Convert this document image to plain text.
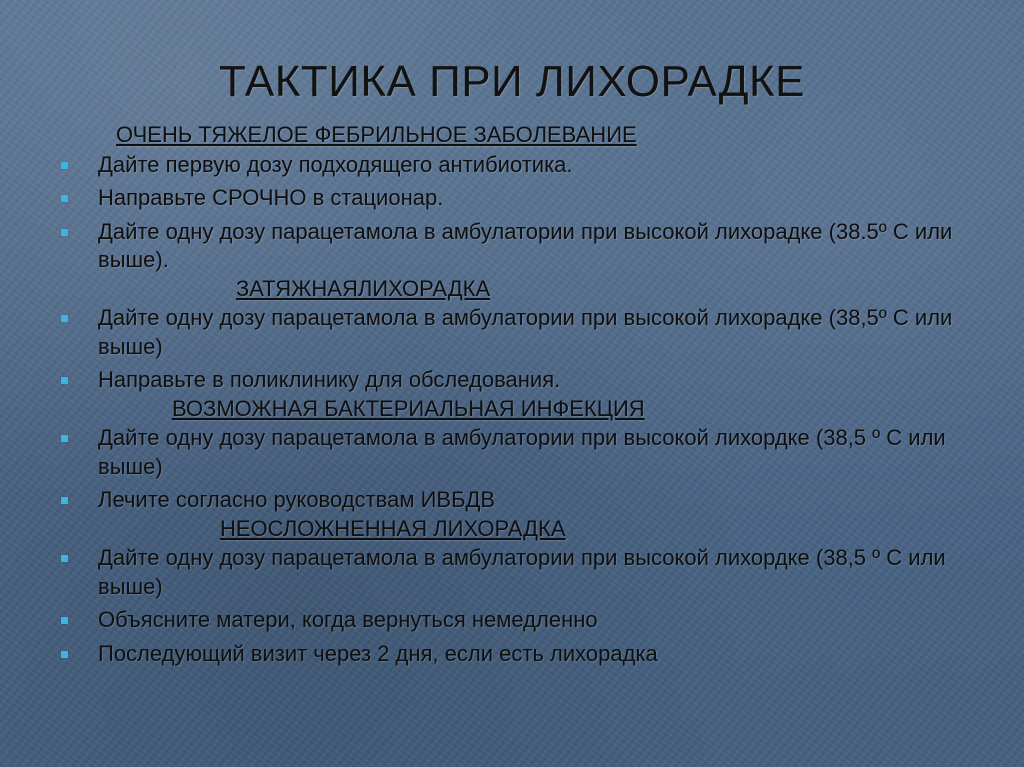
ТАКТИКА ПРИ ЛИХОРАДКЕ
ОЧЕНЬ ТЯЖЕЛОЕ ФЕБРИЛЬНОЕ ЗАБОЛЕВАНИЕ
Дайте первую дозу подходящего антибиотика.
Направьте СРОЧНО в стационар.
Дайте одну дозу парацетамола в амбулатории при высокой лихорадке (38.5º С или выше).
ЗАТЯЖНАЯЛИХОРАДКА
Дайте одну дозу парацетамола в амбулатории при высокой лихорадке (38,5º С или выше)
Направьте в поликлинику для обследования.
ВОЗМОЖНАЯ БАКТЕРИАЛЬНАЯ ИНФЕКЦИЯ
Дайте одну дозу парацетамола в амбулатории при высокой лихордке (38,5 º С или выше)
Лечите согласно руководствам ИВБДВ
НЕОСЛОЖНЕННАЯ ЛИХОРАДКА
Дайте одну дозу парацетамола в амбулатории при высокой лихордке (38,5 º С или выше)
Объясните матери, когда вернуться немедленно
Последующий визит через 2 дня, если есть лихорадка
